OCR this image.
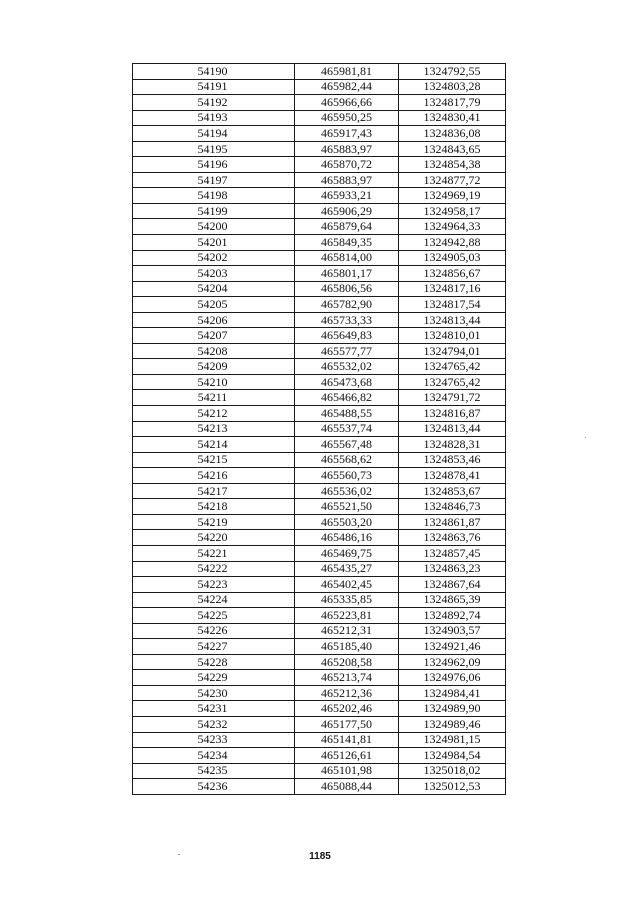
54190	465981,81	1324792,55
54191	465982,44	1324803,28
54192	465966,66	1324817,79
54193	465950,25	1324830,41
54194	465917,43	1324836,08
54195	465883,97	1324843,65
54196	465870,72	1324854,38
54197	465883,97	1324877,72
54198	465933,21	1324969,19
54199	465906,29	1324958,17
54200	465879,64	1324964,33
54201	465849,35	1324942,88
54202	465814,00	1324905,03
54203	465801,17	1324856,67
54204	465806,56	1324817,16
54205	465782,90	1324817,54
54206	465733,33	1324813,44
54207	465649,83	1324810,01
54208	465577,77	1324794,01
54209	465532,02	1324765,42
54210	465473,68	1324765,42
54211	465466,82	1324791,72
54212	465488,55	1324816,87
54213	465537,74	1324813,44
54214	465567,48	1324828,31
54215	465568,62	1324853,46
54216	465560,73	1324878,41
54217	465536,02	1324853,67
54218	465521,50	1324846,73
54219	465503,20	1324861,87
54220	465486,16	1324863,76
54221	465469,75	1324857,45
54222	465435,27	1324863,23
54223	465402,45	1324867,64
54224	465335,85	1324865,39
54225	465223,81	1324892,74
54226	465212,31	1324903,57
54227	465185,40	1324921,46
54228	465208,58	1324962,09
54229	465213,74	1324976,06
54230	465212,36	1324984,41
54231	465202,46	1324989,90
54232	465177,50	1324989,46
54233	465141,81	1324981,15
54234	465126,61	1324984,54
54235	465101,98	1325018,02
54236	465088,44	1325012,53
1185
